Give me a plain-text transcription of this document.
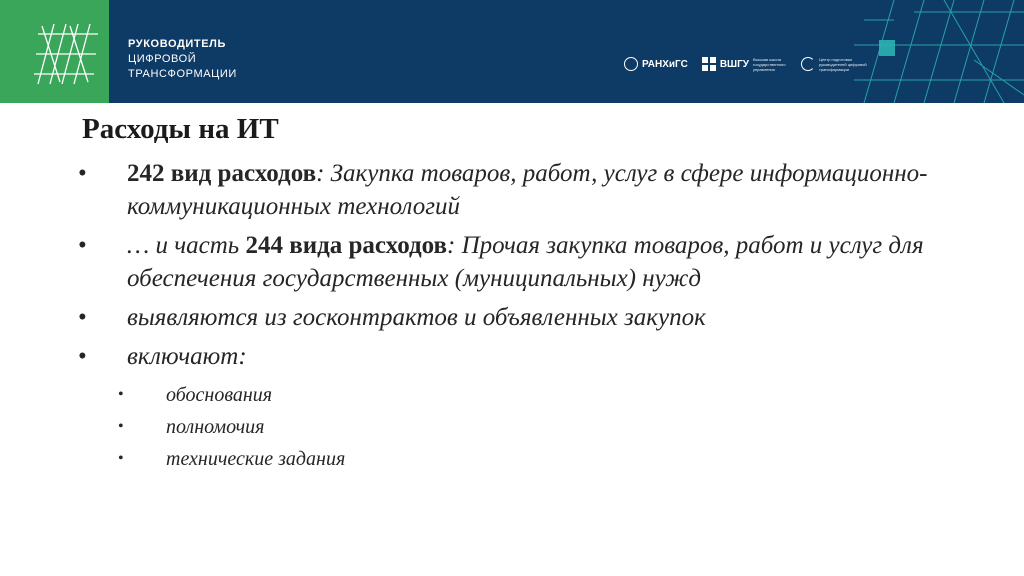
РУКОВОДИТЕЛЬ
ЦИФРОВОЙ
ТРАНСФОРМАЦИИ
РАНХиГС	ВШГУ Высшая школа государственного управления
Центр подготовки руководителей цифровой трансформации
Расходы на ИТ
• 242 вид расходов: Закупка товаров, работ, услуг в сфере информационно-коммуникационных технологий
• … и часть 244 вида расходов: Прочая закупка товаров, работ и услуг для обеспечения государственных (муниципальных) нужд
• выявляются из госконтрактов и объявленных закупок
• включают:
• обоснования
• полномочия
• технические задания
